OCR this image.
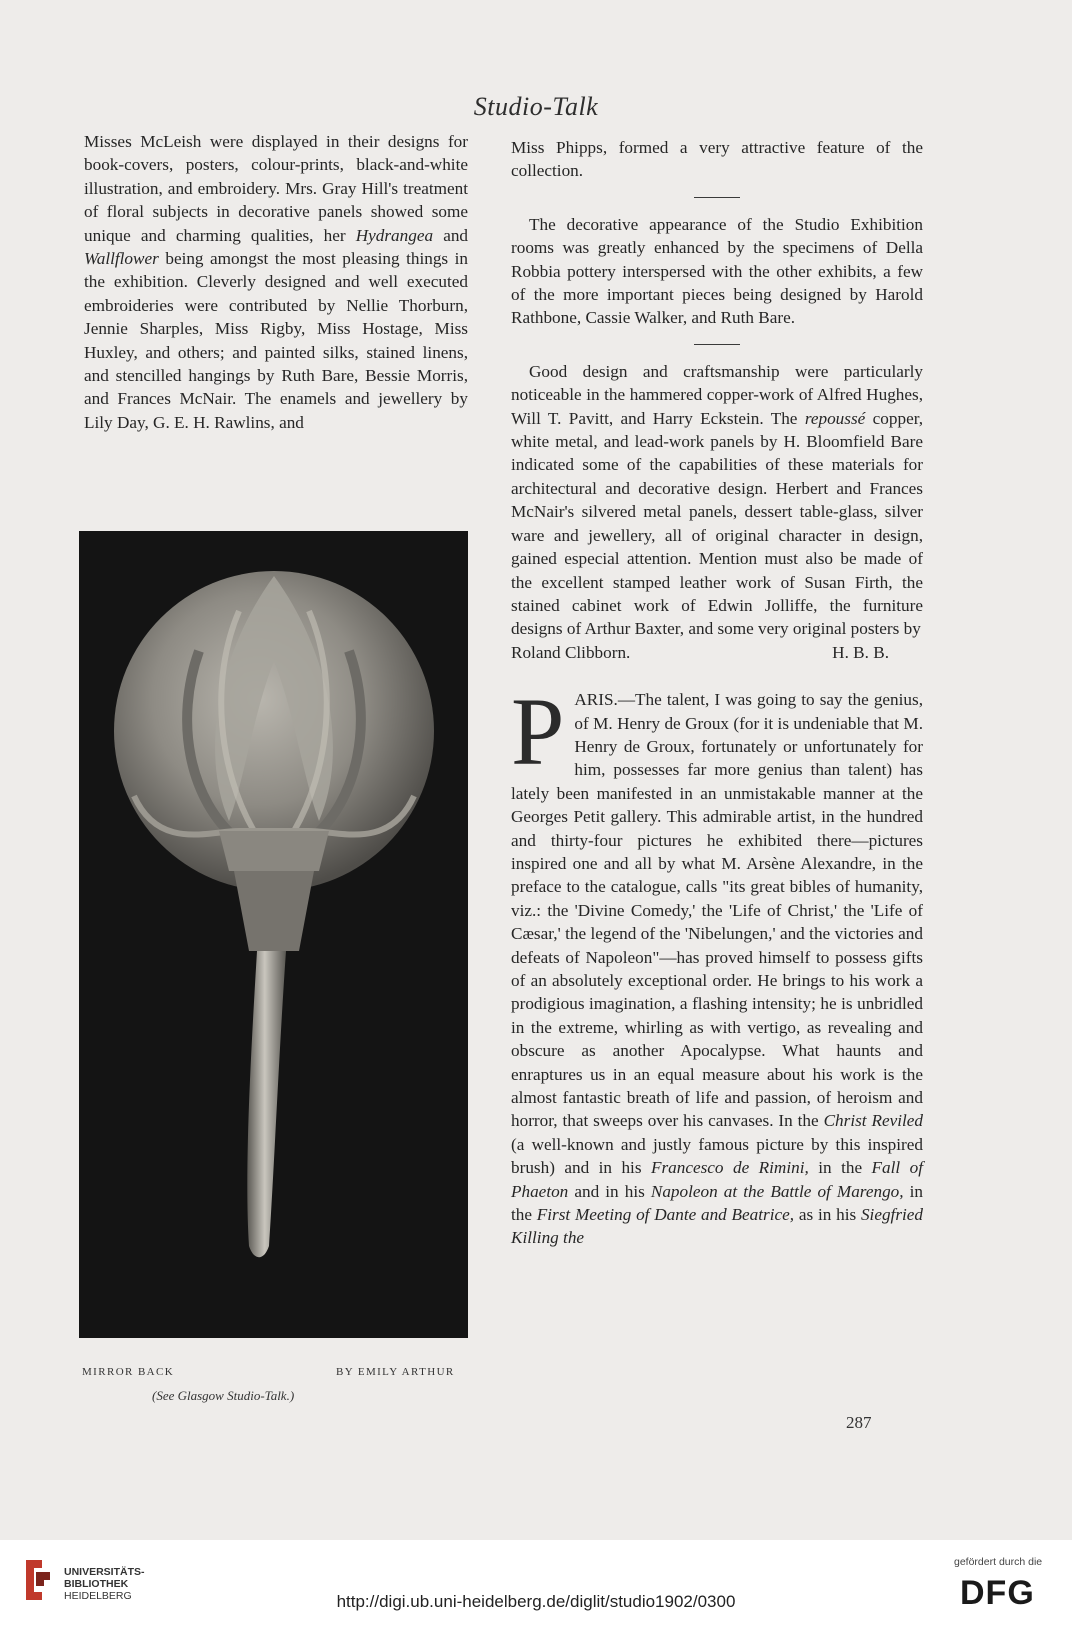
Studio-Talk

Misses McLeish were displayed in their designs for book-covers, posters, colour-prints, black-and-white illustration, and embroidery. Mrs. Gray Hill's treatment of floral subjects in decorative panels showed some unique and charming qualities, her Hydrangea and Wallflower being amongst the most pleasing things in the exhibition. Cleverly designed and well executed embroideries were contributed by Nellie Thorburn, Jennie Sharples, Miss Rigby, Miss Hostage, Miss Huxley, and others; and painted silks, stained linens, and stencilled hangings by Ruth Bare, Bessie Morris, and Frances McNair. The enamels and jewellery by Lily Day, G. E. H. Rawlins, and

MIRROR BACK	BY EMILY ARTHUR
(See Glasgow Studio-Talk.)

Miss Phipps, formed a very attractive feature of the collection.

The decorative appearance of the Studio Exhibition rooms was greatly enhanced by the specimens of Della Robbia pottery interspersed with the other exhibits, a few of the more important pieces being designed by Harold Rathbone, Cassie Walker, and Ruth Bare.

Good design and craftsmanship were particularly noticeable in the hammered copper-work of Alfred Hughes, Will T. Pavitt, and Harry Eckstein. The repoussé copper, white metal, and lead-work panels by H. Bloomfield Bare indicated some of the capabilities of these materials for architectural and decorative design. Herbert and Frances McNair's silvered metal panels, dessert table-glass, silver ware and jewellery, all of original character in design, gained especial attention. Mention must also be made of the excellent stamped leather work of Susan Firth, the stained cabinet work of Edwin Jolliffe, the furniture designs of Arthur Baxter, and some very original posters by

Roland Clibborn.	H. B. B.

PARIS.—The talent, I was going to say the genius, of M. Henry de Groux (for it is undeniable that M. Henry de Groux, fortunately or unfortunately for him, possesses far more genius than talent) has lately been manifested in an unmistakable manner at the Georges Petit gallery. This admirable artist, in the hundred and thirty-four pictures he exhibited there—pictures inspired one and all by what M. Arsène Alexandre, in the preface to the catalogue, calls "its great bibles of humanity, viz.: the 'Divine Comedy,' the 'Life of Christ,' the 'Life of Cæsar,' the legend of the 'Nibelungen,' and the victories and defeats of Napoleon"—has proved himself to possess gifts of an absolutely exceptional order. He brings to his work a prodigious imagination, a flashing intensity; he is unbridled in the extreme, whirling as with vertigo, as revealing and obscure as another Apocalypse. What haunts and enraptures us in an equal measure about his work is the almost fantastic breath of life and passion, of heroism and horror, that sweeps over his canvases. In the Christ Reviled (a well-known and justly famous picture by this inspired brush) and in his Francesco de Rimini, in the Fall of Phaeton and in his Napoleon at the Battle of Marengo, in the First Meeting of Dante and Beatrice, as in his Siegfried Killing the

287
UNIVERSITÄTS-
BIBLIOTHEK
HEIDELBERG	http://digi.ub.uni-heidelberg.de/diglit/studio1902/0300
gefördert durch die
DFG
